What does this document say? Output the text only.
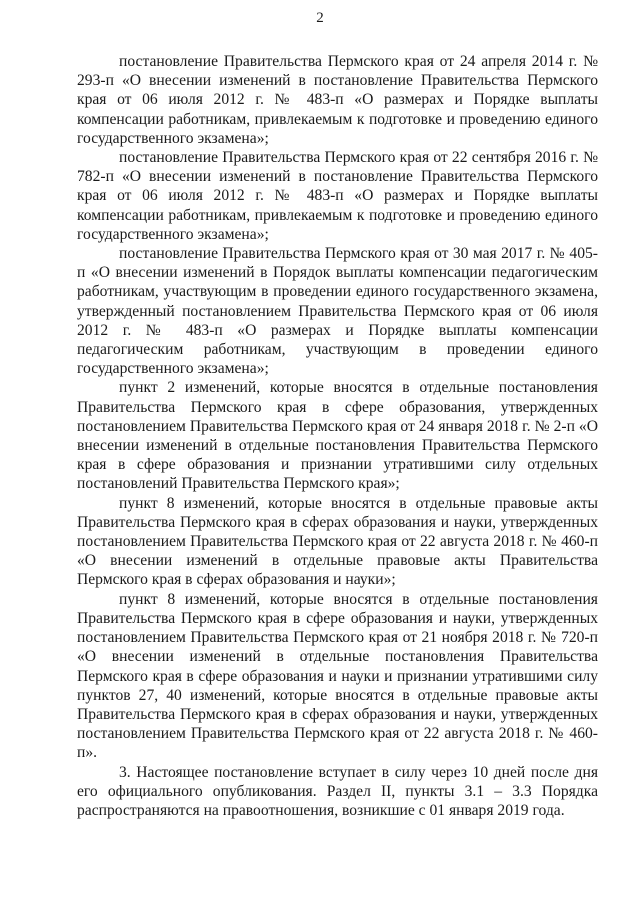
2

постановление Правительства Пермского края от 24 апреля 2014 г. № 293-п «О внесении изменений в постановление Правительства Пермского края от 06 июля 2012 г. № 483-п «О размерах и Порядке выплаты компенсации работникам, привлекаемым к подготовке и проведению единого государственного экзамена»;

постановление Правительства Пермского края от 22 сентября 2016 г. № 782-п «О внесении изменений в постановление Правительства Пермского края от 06 июля 2012 г. № 483-п «О размерах и Порядке выплаты компенсации работникам, привлекаемым к подготовке и проведению единого государственного экзамена»;

постановление Правительства Пермского края от 30 мая 2017 г. № 405-п «О внесении изменений в Порядок выплаты компенсации педагогическим работникам, участвующим в проведении единого государственного экзамена, утвержденный постановлением Правительства Пермского края от 06 июля 2012 г. № 483-п «О размерах и Порядке выплаты компенсации педагогическим работникам, участвующим в проведении единого государственного экзамена»;

пункт 2 изменений, которые вносятся в отдельные постановления Правительства Пермского края в сфере образования, утвержденных постановлением Правительства Пермского края от 24 января 2018 г. № 2-п «О внесении изменений в отдельные постановления Правительства Пермского края в сфере образования и признании утратившими силу отдельных постановлений Правительства Пермского края»;

пункт 8 изменений, которые вносятся в отдельные правовые акты Правительства Пермского края в сферах образования и науки, утвержденных постановлением Правительства Пермского края от 22 августа 2018 г. № 460-п «О внесении изменений в отдельные правовые акты Правительства Пермского края в сферах образования и науки»;

пункт 8 изменений, которые вносятся в отдельные постановления Правительства Пермского края в сфере образования и науки, утвержденных постановлением Правительства Пермского края от 21 ноября 2018 г. № 720-п «О внесении изменений в отдельные постановления Правительства Пермского края в сфере образования и науки и признании утратившими силу пунктов 27, 40 изменений, которые вносятся в отдельные правовые акты Правительства Пермского края в сферах образования и науки, утвержденных постановлением Правительства Пермского края от 22 августа 2018 г. № 460-п».

3. Настоящее постановление вступает в силу через 10 дней после дня его официального опубликования. Раздел II, пункты 3.1 – 3.3 Порядка распространяются на правоотношения, возникшие с 01 января 2019 года.
